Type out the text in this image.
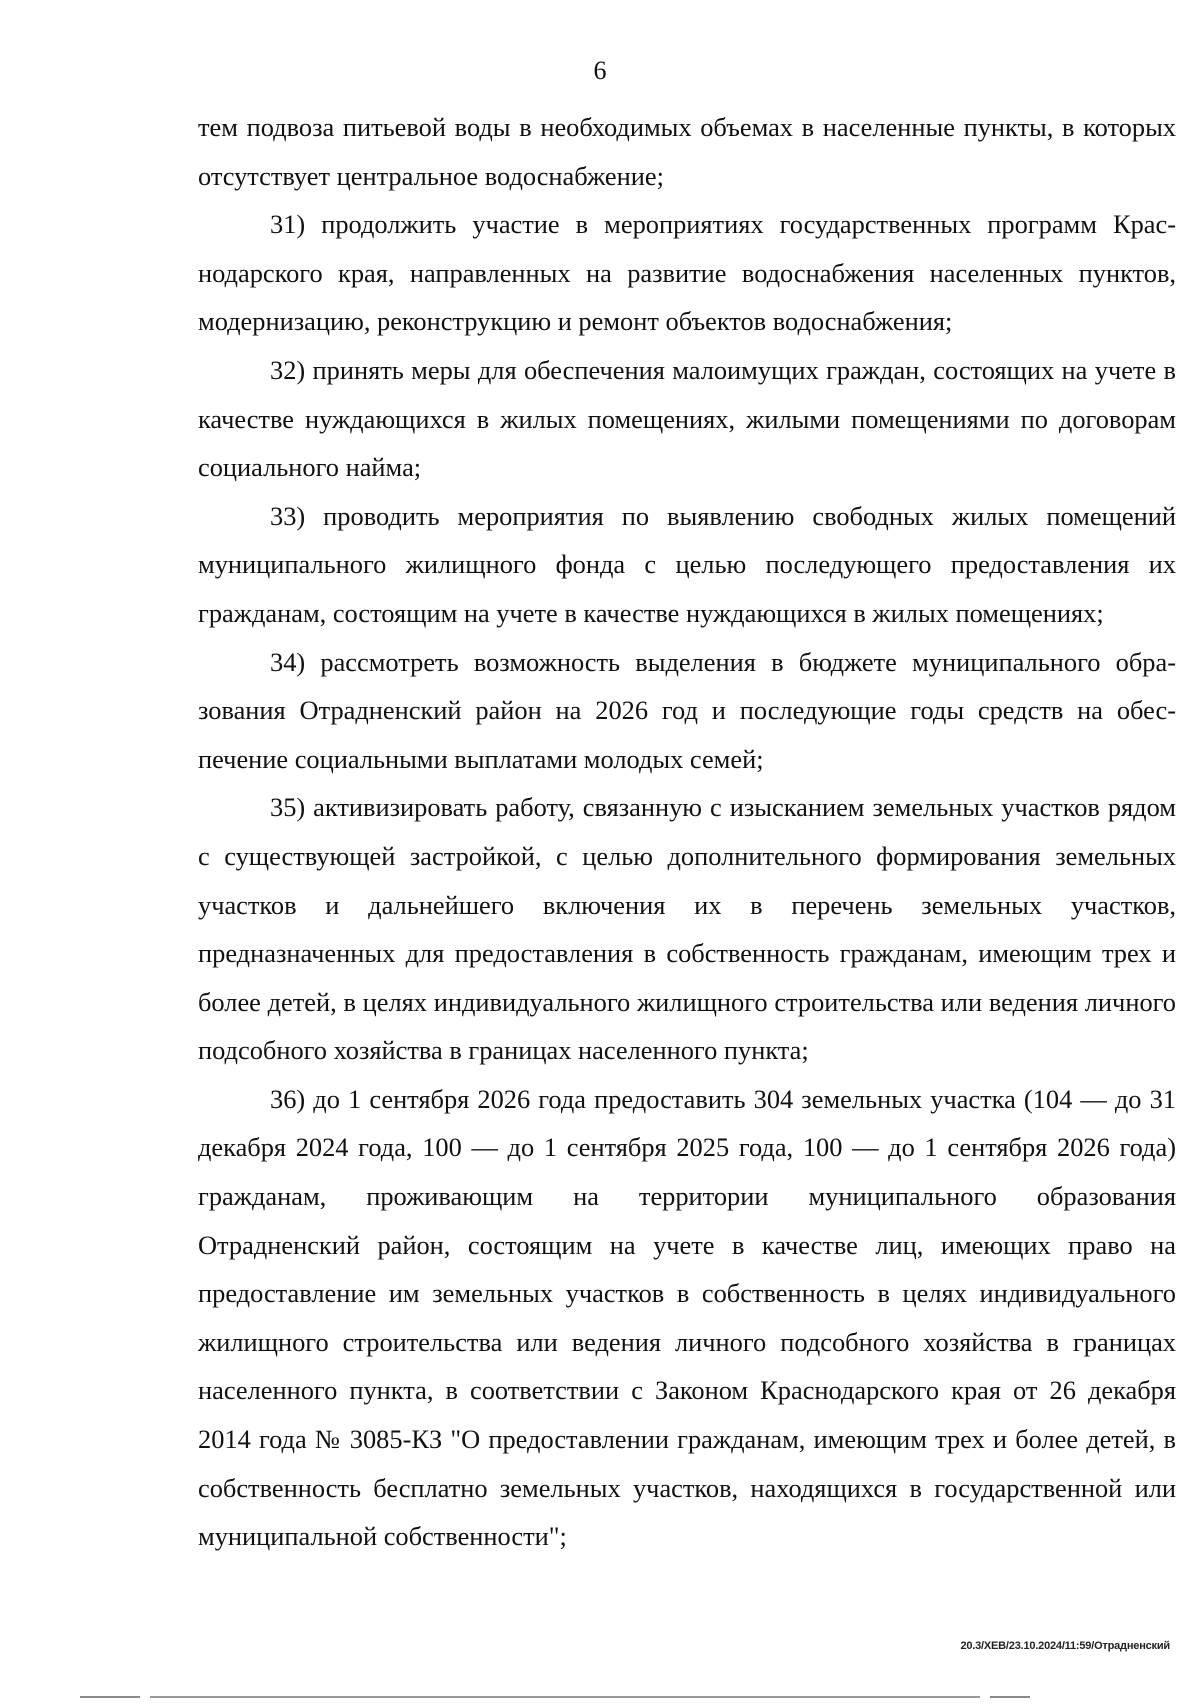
6

тем подвоза питьевой воды в необходимых объемах в населенные пункты, в которых отсутствует центральное водоснабжение;

31) продолжить участие в мероприятиях государственных программ Краснодарского края, направленных на развитие водоснабжения населенных пунктов, модернизацию, реконструкцию и ремонт объектов водоснабжения;

32) принять меры для обеспечения малоимущих граждан, состоящих на учете в качестве нуждающихся в жилых помещениях, жилыми помещениями по договорам социального найма;

33) проводить мероприятия по выявлению свободных жилых помещений муниципального жилищного фонда с целью последующего предоставления их гражданам, состоящим на учете в качестве нуждающихся в жилых помещениях;

34) рассмотреть возможность выделения в бюджете муниципального образования Отрадненский район на 2026 год и последующие годы средств на обеспечение социальными выплатами молодых семей;

35) активизировать работу, связанную с изысканием земельных участков рядом с существующей застройкой, с целью дополнительного формирования земельных участков и дальнейшего включения их в перечень земельных участков, предназначенных для предоставления в собственность гражданам, имеющим трех и более детей, в целях индивидуального жилищного строительства или ведения личного подсобного хозяйства в границах населенного пункта;

36) до 1 сентября 2026 года предоставить 304 земельных участка (104 — до 31 декабря 2024 года, 100 — до 1 сентября 2025 года, 100 — до 1 сентября 2026 года) гражданам, проживающим на территории муниципального образования Отрадненский район, состоящим на учете в качестве лиц, имеющих право на предоставление им земельных участков в собственность в целях индивидуального жилищного строительства или ведения личного подсобного хозяйства в границах населенного пункта, в соответствии с Законом Краснодарского края от 26 декабря 2014 года № 3085-КЗ "О предоставлении гражданам, имеющим трех и более детей, в собственность бесплатно земельных участков, находящихся в государственной или муниципальной собственности";

20.3/ХЕВ/23.10.2024/11:59/Отрадненский
